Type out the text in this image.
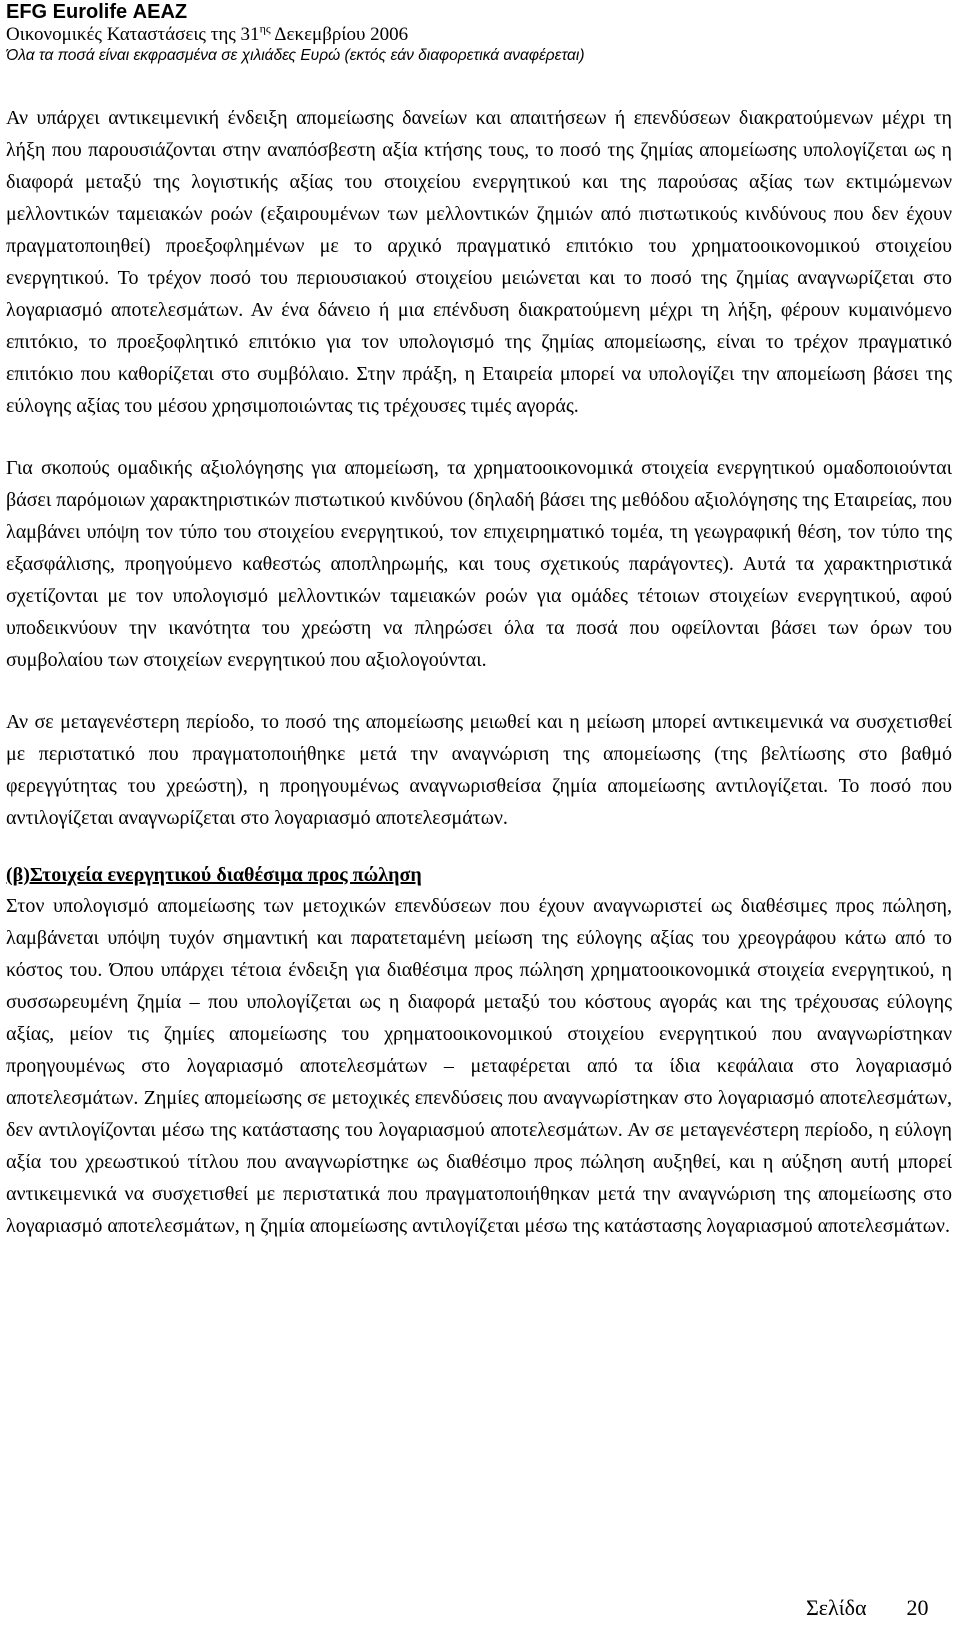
EFG Eurolife ΑΕΑΖ

Οικονομικές Καταστάσεις της $31^{\eta\varsigma}$ Δεκεμβρίου 2006

Όλα τα ποσά είναι εκφρασμένα σε χιλιάδες Ευρώ (εκτός εάν διαφορετικά αναφέρεται)

Αν υπάρχει αντικειμενική ένδειξη απομείωσης δανείων και απαιτήσεων ή επενδύσεων διακρατούμενων μέχρι τη λήξη που παρουσιάζονται στην αναπόσβεστη αξία κτήσης τους, το ποσό της ζημίας απομείωσης υπολογίζεται ως η διαφορά μεταξύ της λογιστικής αξίας του στοιχείου ενεργητικού και της παρούσας αξίας των εκτιμώμενων μελλοντικών ταμειακών ροών (εξαιρουμένων των μελλοντικών ζημιών από πιστωτικούς κινδύνους που δεν έχουν πραγματοποιηθεί) προεξοφλημένων με το αρχικό πραγματικό επιτόκιο του χρηματοοικονομικού στοιχείου ενεργητικού. Το τρέχον ποσό του περιουσιακού στοιχείου μειώνεται και το ποσό της ζημίας αναγνωρίζεται στο λογαριασμό αποτελεσμάτων. Αν ένα δάνειο ή μια επένδυση διακρατούμενη μέχρι τη λήξη, φέρουν κυμαινόμενο επιτόκιο, το προεξοφλητικό επιτόκιο για τον υπολογισμό της ζημίας απομείωσης, είναι το τρέχον πραγματικό επιτόκιο που καθορίζεται στο συμβόλαιο. Στην πράξη, η Εταιρεία μπορεί να υπολογίζει την απομείωση βάσει της εύλογης αξίας του μέσου χρησιμοποιώντας τις τρέχουσες τιμές αγοράς.

Για σκοπούς ομαδικής αξιολόγησης για απομείωση, τα χρηματοοικονομικά στοιχεία ενεργητικού ομαδοποιούνται βάσει παρόμοιων χαρακτηριστικών πιστωτικού κινδύνου (δηλαδή βάσει της μεθόδου αξιολόγησης της Εταιρείας, που λαμβάνει υπόψη τον τύπο του στοιχείου ενεργητικού, τον επιχειρηματικό τομέα, τη γεωγραφική θέση, τον τύπο της εξασφάλισης, προηγούμενο καθεστώς αποπληρωμής, και τους σχετικούς παράγοντες). Αυτά τα χαρακτηριστικά σχετίζονται με τον υπολογισμό μελλοντικών ταμειακών ροών για ομάδες τέτοιων στοιχείων ενεργητικού, αφού υποδεικνύουν την ικανότητα του χρεώστη να πληρώσει όλα τα ποσά που οφείλονται βάσει των όρων του συμβολαίου των στοιχείων ενεργητικού που αξιολογούνται.

Αν σε μεταγενέστερη περίοδο, το ποσό της απομείωσης μειωθεί και η μείωση μπορεί αντικειμενικά να συσχετισθεί με περιστατικό που πραγματοποιήθηκε μετά την αναγνώριση της απομείωσης (της βελτίωσης στο βαθμό φερεγγύτητας του χρεώστη), η προηγουμένως αναγνωρισθείσα ζημία απομείωσης αντιλογίζεται. Το ποσό που αντιλογίζεται αναγνωρίζεται στο λογαριασμό αποτελεσμάτων.

(β)Στοιχεία ενεργητικού διαθέσιμα προς πώληση

Στον υπολογισμό απομείωσης των μετοχικών επενδύσεων που έχουν αναγνωριστεί ως διαθέσιμες προς πώληση, λαμβάνεται υπόψη τυχόν σημαντική και παρατεταμένη μείωση της εύλογης αξίας του χρεογράφου κάτω από το κόστος του. Όπου υπάρχει τέτοια ένδειξη για διαθέσιμα προς πώληση χρηματοοικονομικά στοιχεία ενεργητικού, η συσσωρευμένη ζημία – που υπολογίζεται ως η διαφορά μεταξύ του κόστους αγοράς και της τρέχουσας εύλογης αξίας, μείον τις ζημίες απομείωσης του χρηματοοικονομικού στοιχείου ενεργητικού που αναγνωρίστηκαν προηγουμένως στο λογαριασμό αποτελεσμάτων – μεταφέρεται από τα ίδια κεφάλαια στο λογαριασμό αποτελεσμάτων. Ζημίες απομείωσης σε μετοχικές επενδύσεις που αναγνωρίστηκαν στο λογαριασμό αποτελεσμάτων, δεν αντιλογίζονται μέσω της κατάστασης του λογαριασμού αποτελεσμάτων. Αν σε μεταγενέστερη περίοδο, η εύλογη αξία του χρεωστικού τίτλου που αναγνωρίστηκε ως διαθέσιμο προς πώληση αυξηθεί, και η αύξηση αυτή μπορεί αντικειμενικά να συσχετισθεί με περιστατικά που πραγματοποιήθηκαν μετά την αναγνώριση της απομείωσης στο λογαριασμό αποτελεσμάτων, η ζημία απομείωσης αντιλογίζεται μέσω της κατάστασης λογαριασμού αποτελεσμάτων.

Σελίδα 20
